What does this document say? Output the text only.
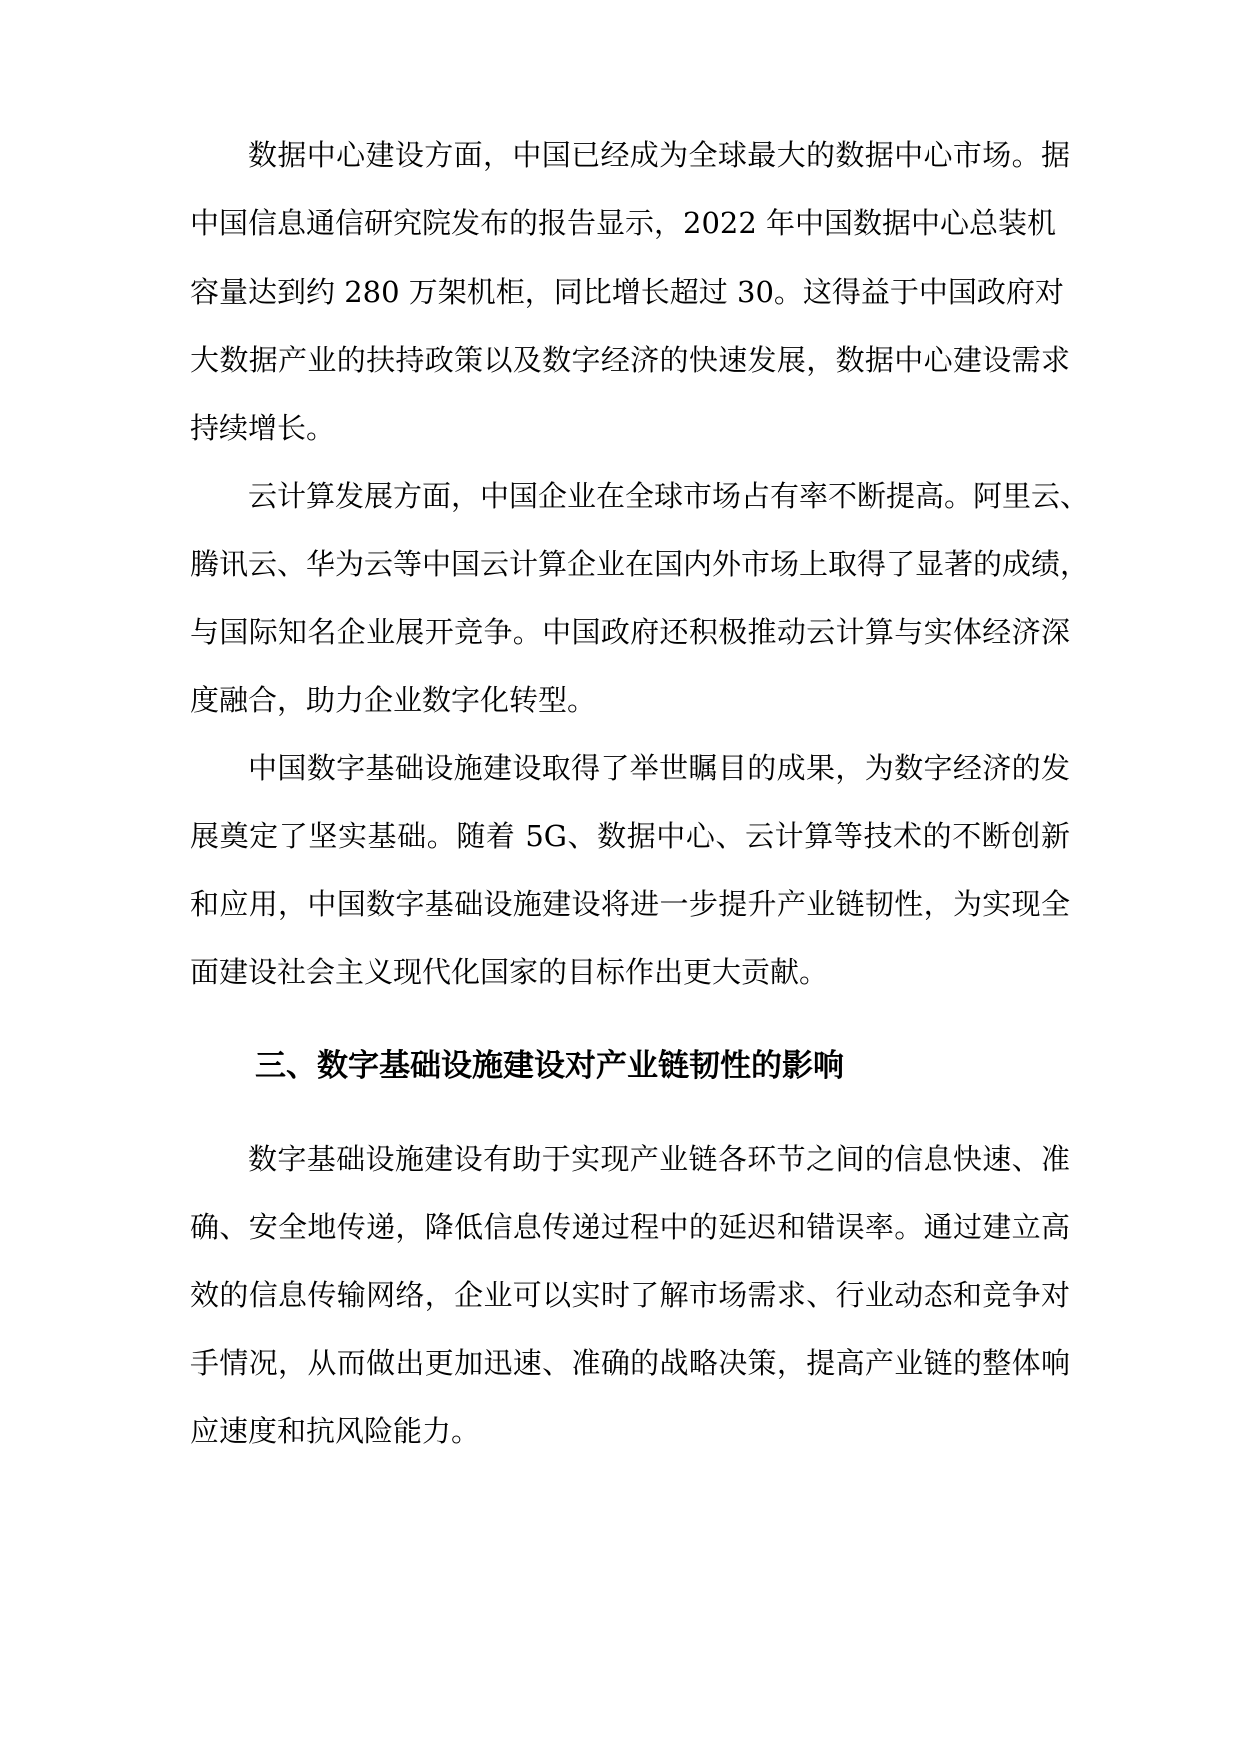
数据中心建设方面，中国已经成为全球最大的数据中心市场。据
中国信息通信研究院发布的报告显示，2022 年中国数据中心总装机
容量达到约 280 万架机柜，同比增长超过 30。这得益于中国政府对
大数据产业的扶持政策以及数字经济的快速发展，数据中心建设需求
持续增长。
云计算发展方面，中国企业在全球市场占有率不断提高。阿里云、
腾讯云、华为云等中国云计算企业在国内外市场上取得了显著的成绩，
与国际知名企业展开竞争。中国政府还积极推动云计算与实体经济深
度融合，助力企业数字化转型。
中国数字基础设施建设取得了举世瞩目的成果，为数字经济的发
展奠定了坚实基础。随着 5G、数据中心、云计算等技术的不断创新
和应用，中国数字基础设施建设将进一步提升产业链韧性，为实现全
面建设社会主义现代化国家的目标作出更大贡献。
三、数字基础设施建设对产业链韧性的影响
数字基础设施建设有助于实现产业链各环节之间的信息快速、准
确、安全地传递，降低信息传递过程中的延迟和错误率。通过建立高
效的信息传输网络，企业可以实时了解市场需求、行业动态和竞争对
手情况，从而做出更加迅速、准确的战略决策，提高产业链的整体响
应速度和抗风险能力。
